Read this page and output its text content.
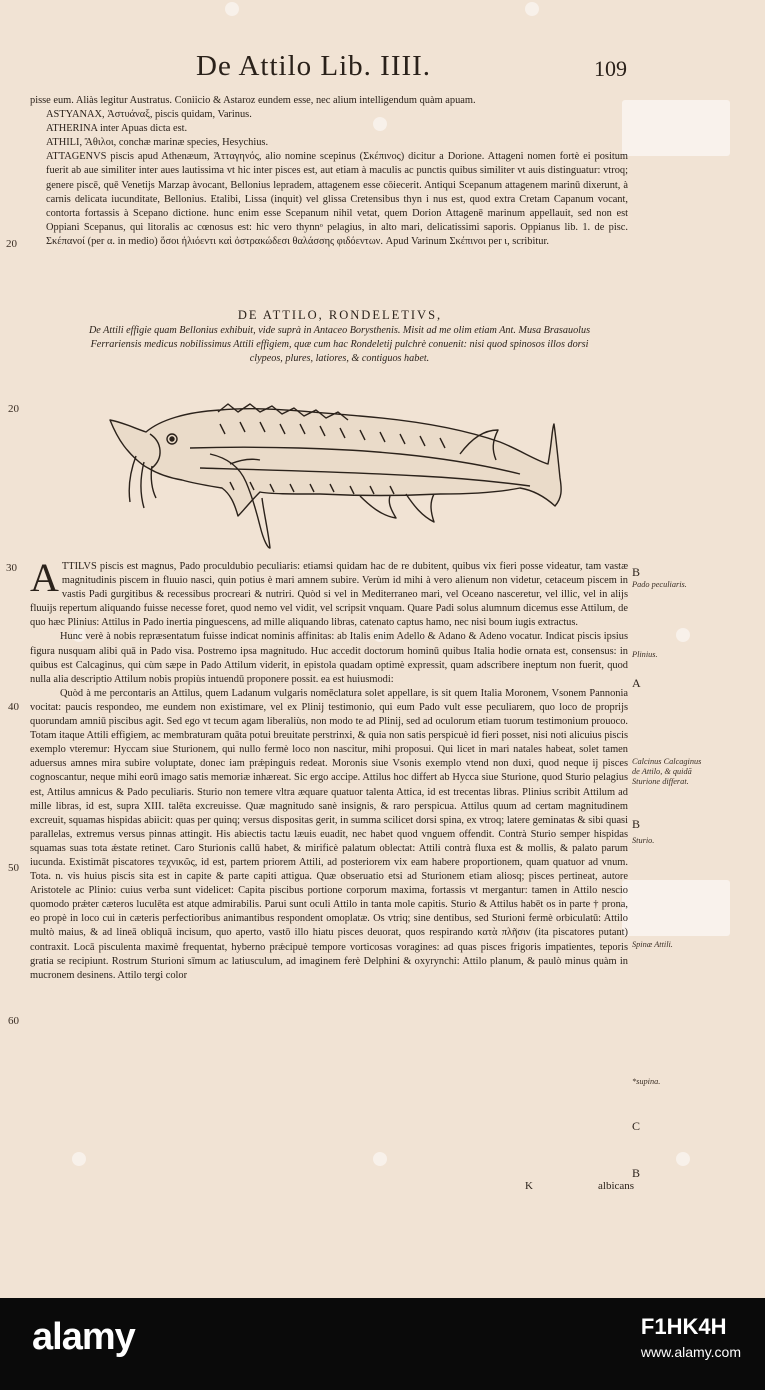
De Attilo Lib. IIII.	109

pisse eum. Aliàs legitur Austratus. Coniicio & Astaroz eundem esse, nec alium intelligendum quàm apuam.

ASTYANAX, Ἀστυάναξ, piscis quidam, Varinus.

ATHERINA inter Apuas dicta est.

ATHILI, Ἄθιλοι, conchæ marinæ species, Hesychius.

ATTAGENVS piscis apud Athenæum, Ἀτταγηνός, alio nomine scepinus (Σκέπινος) dicitur a Dorione. Attageni nomen fortè ei positum fuerit ab aue similiter inter aues lautissima vt hic inter pisces est, aut etiam à maculis ac punctis quibus similiter vt auis distinguatur: vtroq; genere piscē, quē Venetijs Marzap àvocant, Bellonius lepradem, attagenem esse cōiecerit. Antiqui Scepanum attagenem marinū dixerunt, à carnis delicata iucunditate, Bellonius. Etalibi, Lissa (inquit) vel glissa Cretensibus thyn i nus est, quod extra Cretam Capanum vocant, contorta fortassis à Scepano dictione. hunc enim esse Scepanum nihil vetat, quem Dorion Attagenē marinum appellauit, sed non est Oppiani Scepanus, qui litoralis ac cœnosus est: hic vero thynnᵒ pelagius, in alto mari, delicatissimi saporis. Oppianus lib. 1. de pisc. Σκέπανοί (per α. in medio) ὅσοι ἠλιόεντι καὶ ὀστρακώδεσι θαλάσσης φιδόεντων. Apud Varinum Σκέπινοι per ι, scribitur.

20
20
DE ATTILO, RONDELETIVS,
De Attili effigie quam Bellonius exhibuit, vide suprà in Antaceo Borysthenis. Misit ad me olim etiam Ant. Musa Brasauolus Ferrariensis medicus nobilissimus Attili effigiem, quæ cum hac Rondeletij pulchrè conuenit: nisi quod spinosos illos dorsi clypeos, plures, latiores, & contiguos habet.
30
40
50
60

ATTILVS piscis est magnus, Pado proculdubio peculiaris: etiamsi quidam hac de re dubitent, quibus vix fieri posse videatur, tam vastæ magnitudinis piscem in fluuio nasci, quin potius è mari amnem subire. Verùm id mihi à vero alienum non videtur, cetaceum piscem in vastis Padi gurgitibus & recessibus procreari & nutriri. Quòd si vel in Mediterraneo mari, vel Oceano nasceretur, vel illic, vel in alijs fluuijs repertum aliquando fuisse necesse foret, quod nemo vel vidit, vel scripsit vnquam. Quare Padi solus alumnum dicemus esse Attilum, de quo hæc Plinius: Attilus in Pado inertia pinguescens, ad mille aliquando libras, catenato captus hamo, nec nisi boum iugis extractus.

Hunc verè à nobis repræsentatum fuisse indicat nominis affinitas: ab Italis enim Adello & Adano & Adeno vocatur. Indicat piscis ipsius figura nusquam alibi quā in Pado visa. Postremo ipsa magnitudo. Huc accedit doctorum hominū quibus Italia hodie ornata est, consensus: in quibus est Calcaginus, qui cùm sæpe in Pado Attilum viderit, in epistola quadam optimè expressit, quam adscribere ineptum non fuerit, quod nulla alia descriptio Attilum nobis propiùs intuendū proponere possit. ea est huiusmodi:

Quòd à me percontaris an Attilus, quem Ladanum vulgaris nomēclatura solet appellare, is sit quem Italia Moronem, Vsonem Pannonia vocitat: paucis respondeo, me eundem non existimare, vel ex Plinij testimonio, qui eum Pado vult esse peculiarem, quo loco de proprijs quorundam amniū piscibus agit. Sed ego vt tecum agam liberaliùs, non modo te ad Plinij, sed ad oculorum etiam tuorum testimonium prouoco. Totam itaque Attili effigiem, ac membraturam quāta potui breuitate perstrinxi, & quia non satis perspicuè id fieri posset, nisi noti alicuius piscis exemplo vteremur: Hyccam siue Sturionem, qui nullo fermè loco non nascitur, mihi proposui. Qui licet in mari natales habeat, solet tamen aduersus amnes mira subire voluptate, donec iam prǽpinguis redeat. Moronis siue Vsonis exemplo vtend non duxi, quod neque ij pisces cognoscantur, neque mihi eorū imago satis memoriæ inhæreat. Sic ergo accipe. Attilus hoc differt ab Hycca siue Sturione, quod Sturio pelagius est, Attilus amnicus & Pado peculiaris. Sturio non temere vltra æquare quatuor talenta Attica, id est trecentas libras. Plinius scribit Attilum ad mille libras, id est, supra XIII. talēta excreuisse. Quæ magnitudo sanè insignis, & raro perspicua. Attilus quum ad certam magnitudinem excreuit, squamas hispidas abiicit: quas per quinq; versus dispositas gerit, in summa scilicet dorsi spina, ex vtroq; latere geminatas & sibi quasi parallelas, extremus versus pinnas attingit. His abiectis tactu læuis euadit, nec habet quod vnguem offendit. Contrà Sturio semper hispidas squamas suas tota ǽstate retinet. Caro Sturionis callū habet, & mirificè palatum oblectat: Attili contrà fluxa est & mollis, & palato parum iucunda. Existimāt piscatores τεχνικῶς, id est, partem priorem Attili, ad posteriorem vix eam habere proportionem, quam quatuor ad vnum. Tota. n. vis huius piscis sita est in capite & parte capiti attigua. Quæ obseruatio etsi ad Sturionem etiam aliosq; pisces pertineat, autore Aristotele ac Plinio: cuius verba sunt videlicet: Capita piscibus portione corporum maxima, fortassis vt mergantur: tamen in Attilo nescio quomodo prǽter cæteros luculēta est atque admirabilis. Parui sunt oculi Attilo in tanta mole capitis. Sturio & Attilus habēt os in parte † prona, eo propè in loco cui in cæteris perfectioribus animantibus respondent omoplatæ. Os vtriq; sine dentibus, sed Sturioni fermè orbiculatū: Attilo multò maius, & ad lineā obliquā incisum, quo aperto, vastō illo hiatu pisces deuorat, quos respirando κατὰ πλῆσιν (ita piscatores putant) contraxit. Locā pisculenta maximè frequentat, hyberno prǽcipuè tempore vorticosas voragines: ad quas pisces frigoris impatientes, teporis gratia se recipiunt. Rostrum Sturioni sīmum ac latiusculum, ad imaginem ferè Delphini & oxyrynchi: Attilo planum, & paulò minus quàm in mucronem desinens. Attilo tergi color

B
Pado peculiaris.
Plinius.
A
Calcinus Calcaginus de Attilo, & quidā Sturione differat.
B
Sturio.
Spinæ Attili.
*supina.
C
B
K	albicans
alamy	F1HK4H
www.alamy.com
